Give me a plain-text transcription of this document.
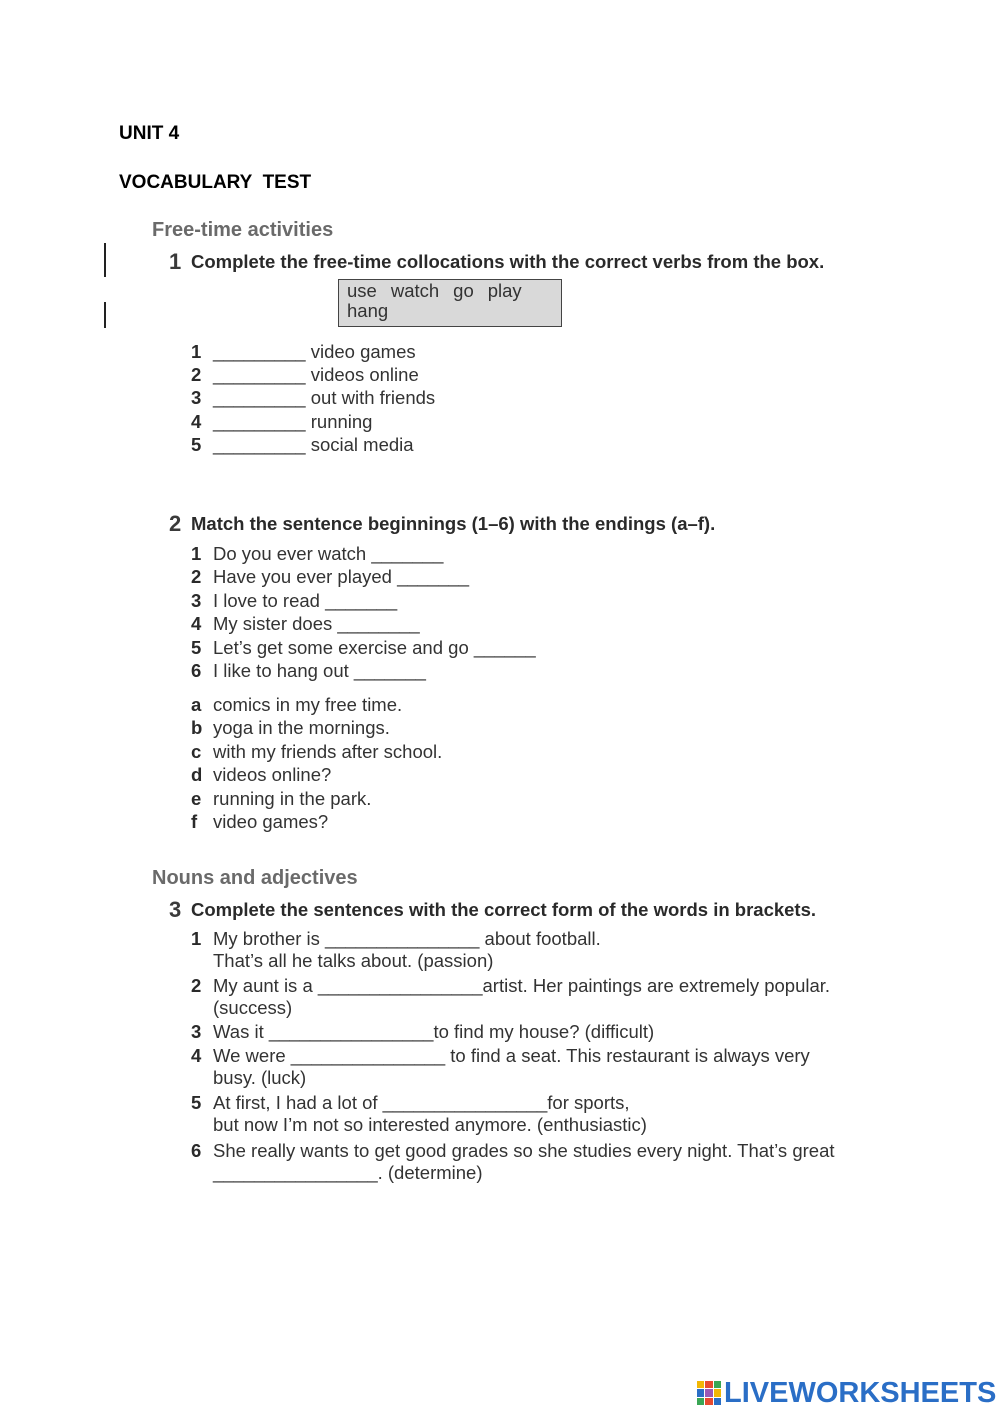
UNIT 4
VOCABULARY  TEST
Free-time activities
1 Complete the free-time collocations with the correct verbs from the box.
use watch go play
hang
1 _________ video games
2 _________ videos online
3 _________ out with friends
4 _________ running
5 _________ social media
2 Match the sentence beginnings (1–6) with the endings (a–f).
1 Do you ever watch _______
2 Have you ever played _______
3 I love to read _______
4 My sister does ________
5 Let’s get some exercise and go ______
6 I like to hang out _______
a comics in my free time.
b yoga in the mornings.
c with my friends after school.
d videos online?
e running in the park.
f video games?
Nouns and adjectives
3 Complete the sentences with the correct form of the words in brackets.
1 My brother is _______________ about football.
That’s all he talks about. (passion)
2 My aunt is a ________________artist. Her paintings are extremely popular.
(success)
3 Was it ________________to find my house? (difficult)
4 We were _______________ to find a seat. This restaurant is always very
busy. (luck)
5 At first, I had a lot of ________________for sports,
but now I’m not so interested anymore. (enthusiastic)
6 She really wants to get good grades so she studies every night. That’s great
________________. (determine)
LIVEWORKSHEETS
